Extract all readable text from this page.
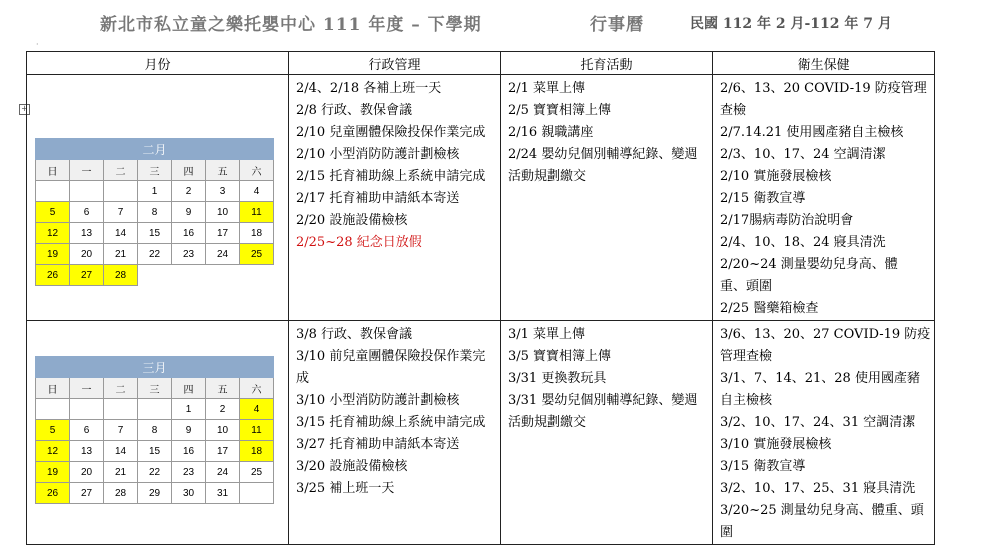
新北市私立童之樂托嬰中心 111 年度 – 下學期	行事曆	民國 112 年 2 月-112 年 7 月
·
+
月份	行政管理	托育活動	衛生保健

二月
日	一	二	三	四	五	六
			1	2	3	4
5	6	7	8	9	10	11
12	13	14	15	16	17	18
19	20	21	22	23	24	25
26	27	28				

2/4、2/18 各補上班一天
2/8 行政、教保會議
2/10 兒童團體保險投保作業完成
2/10 小型消防防護計劃檢核
2/15 托育補助線上系統申請完成
2/17 托育補助申請紙本寄送
2/20 設施設備檢核
2/25~28 紀念日放假

2/1 菜單上傳
2/5 寶寶相簿上傳
2/16 親職講座
2/24 嬰幼兒個別輔導紀錄、變週
活動規劃繳交

2/6、13、20 COVID-19 防疫管理
查檢
2/7.14.21 使用國產豬自主檢核
2/3、10、17、24 空調清潔
2/10 實施發展檢核
2/15 衛教宣導
2/17腸病毒防治說明會
2/4、10、18、24 寢具清洗
2/20~24 測量嬰幼兒身高、體
重、頭圍
2/25 醫藥箱檢查

三月
日	一	二	三	四	五	六
				1	2	4
5	6	7	8	9	10	11
12	13	14	15	16	17	18
19	20	21	22	23	24	25
26	27	28	29	30	31	

3/8 行政、教保會議
3/10 前兒童團體保險投保作業完
成
3/10 小型消防防護計劃檢核
3/15 托育補助線上系統申請完成
3/27 托育補助申請紙本寄送
3/20 設施設備檢核
3/25 補上班一天

3/1 菜單上傳
3/5 寶寶相簿上傳
3/31 更換教玩具
3/31 嬰幼兒個別輔導紀錄、變週
活動規劃繳交

3/6、13、20、27 COVID-19 防疫
管理查檢
3/1、7、14、21、28 使用國產豬
自主檢核
3/2、10、17、24、31 空調清潔
3/10 實施發展檢核
3/15 衛教宣導
3/2、10、17、25、31 寢具清洗
3/20~25 測量幼兒身高、體重、頭
圍
